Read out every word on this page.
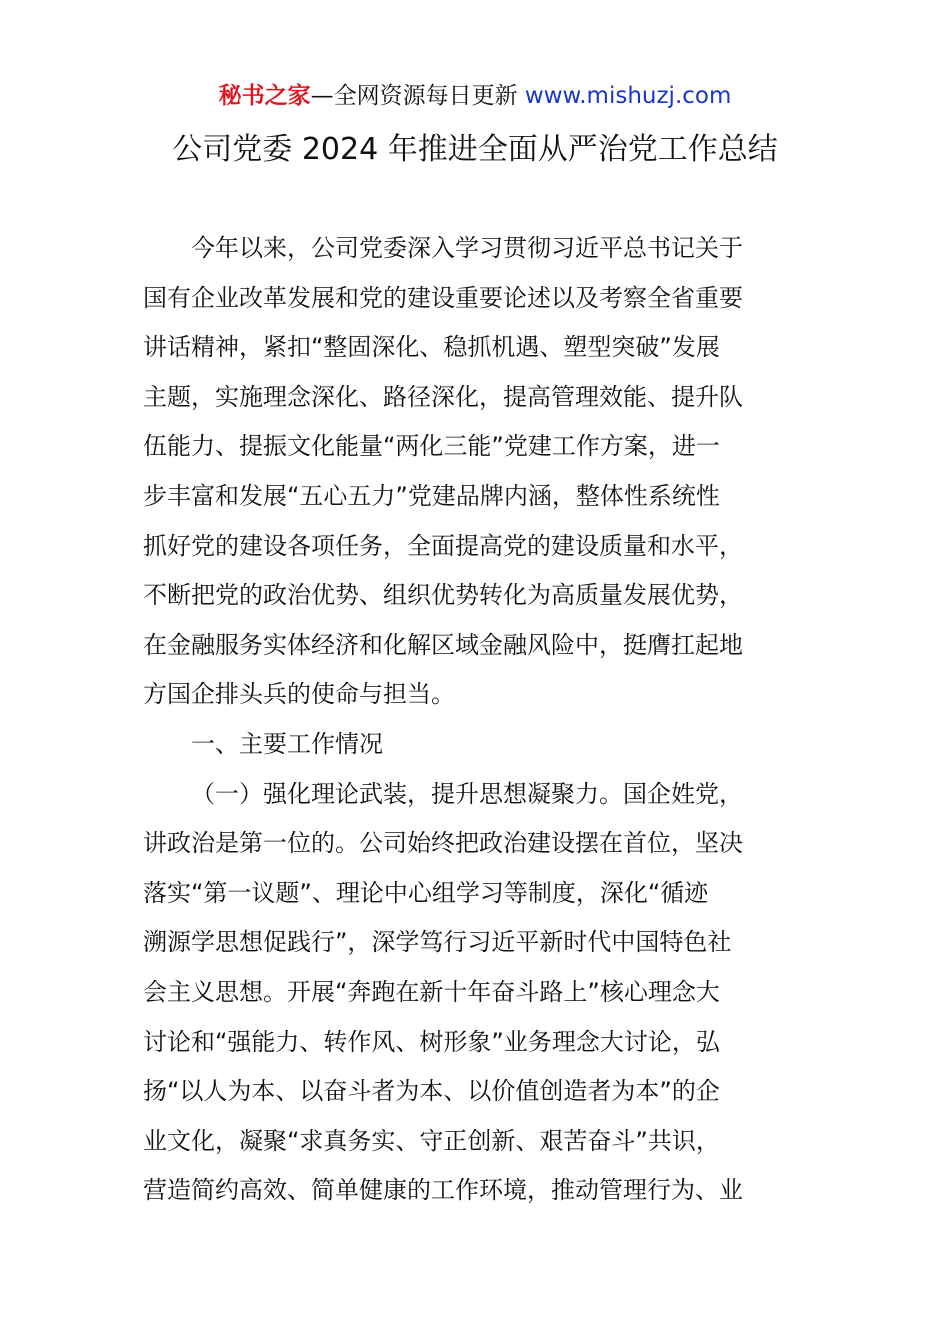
秘书之家—全网资源每日更新 www.mishuzj.com
公司党委 2024 年推进全面从严治党工作总结
今年以来，公司党委深入学习贯彻习近平总书记关于
国有企业改革发展和党的建设重要论述以及考察全省重要
讲话精神，紧扣“整固深化、稳抓机遇、塑型突破”发展
主题，实施理念深化、路径深化，提高管理效能、提升队
伍能力、提振文化能量“两化三能”党建工作方案，进一
步丰富和发展“五心五力”党建品牌内涵，整体性系统性
抓好党的建设各项任务，全面提高党的建设质量和水平，
不断把党的政治优势、组织优势转化为高质量发展优势，
在金融服务实体经济和化解区域金融风险中，挺膺扛起地
方国企排头兵的使命与担当。
一、主要工作情况
（一）强化理论武装，提升思想凝聚力。国企姓党，
讲政治是第一位的。公司始终把政治建设摆在首位，坚决
落实“第一议题”、理论中心组学习等制度，深化“循迹
溯源学思想促践行”，深学笃行习近平新时代中国特色社
会主义思想。开展“奔跑在新十年奋斗路上”核心理念大
讨论和“强能力、转作风、树形象”业务理念大讨论，弘
扬“以人为本、以奋斗者为本、以价值创造者为本”的企
业文化，凝聚“求真务实、守正创新、艰苦奋斗”共识，
营造简约高效、简单健康的工作环境，推动管理行为、业
